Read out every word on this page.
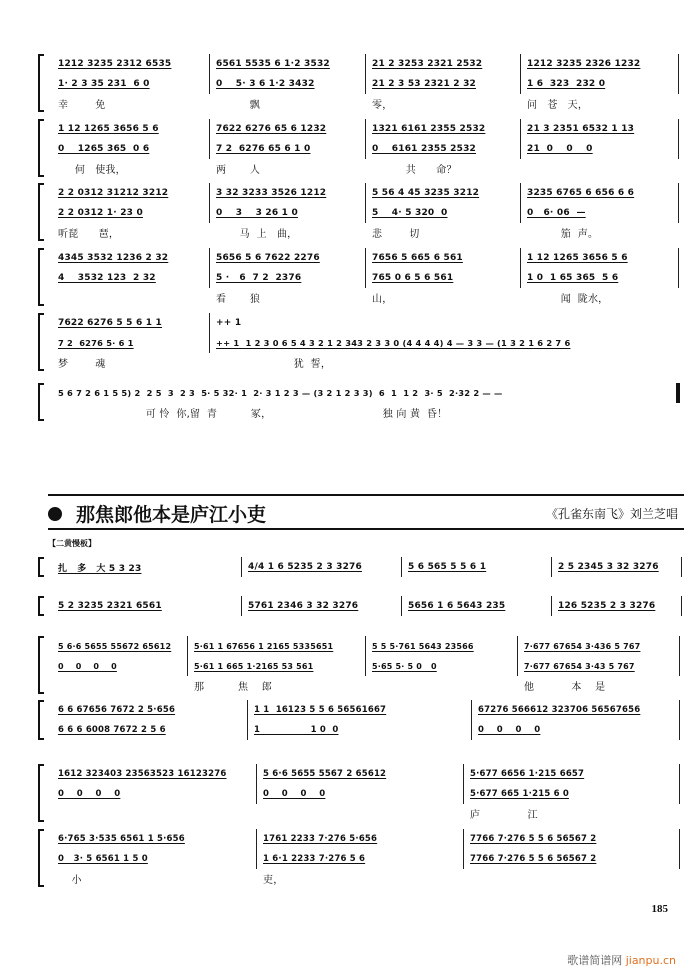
1212 3235 2312 6535	6561 5535 6 1·2 3532	21 2 3253 2321 2532	1212 3235 2326 1232
1· 2 3 35 231  6 0	0    5· 3 6 1·2 3432	21 2 3 53 2321 2 32	1 6  323  232 0
幸        免	飘	零，	问   苍   天，
1 12 1265 3656 5 6	7622 6276 65 6 1232	1321 6161 2355 2532	21 3 2351 6532 1 13
0    1265 365  0 6	7 2  6276 65 6 1 0	0    6161 2355 2532	21  0    0    0
何   使我，	两       人	共      命？
2 2 0312 31212 3212	3 32 3233 3526 1212	5 56 4 45 3235 3212	3235 6765 6 656 6 6
2 2 0312 1· 23 0	0    3    3 26 1 0	5    4· 5 320  0	0   6· 06  —
听琵      琶，	马  上   曲，	悲        切	笳  声。
4345 3532 1236 2 32	5656 5 6 7622 2276	7656 5 665 6 561	1 12 1265 3656 5 6
4    3532 123  2 32	5 ·   6  7 2  2376	765 0 6 5 6 561	1 0  1 65 365  5 6
看       狼	山，	闻  陇水，
7622 6276 5 5 6 1 1	++ 1
7 2  6276 5· 6 1	++ 1  1 2 3 0 6 5 4 3 2 1 2 343 2 3 3 0 (4 4 4 4) 4 — 3 3 — (1 3 2 1 6 2 7 6
梦        魂	犹  誓，
5 6 7 2 6 1 5 5) 2  2 5  3  2 3  5· 5 32· 1  2· 3 1 2 3 — (3 2 1 2 3 3)  6  1  1 2  3· 5  2·32 2 — —
可 怜  你,留  青          冢，                                 独 向 黄  昏！
那焦郎他本是庐江小吏	《孔雀东南飞》刘兰芝唱
【二黄慢板】
扎   多   大 5 3 23	4/4 1 6 5235 2 3 3276	5 6 565 5 5 6 1	2 5 2345 3 32 3276
5 2 3235 2321 6561	5761 2346 3 32 3276	5656 1 6 5643 235	126 5235 2 3 3276
5 6·6 5655 55672 65612	5·61 1 67656 1 2165 5335651	5 5 5·761 5643 23566	7·677 67654 3·436 5 767
0    0    0    0	5·61 1 665 1·2165 53 561	5·65 5· 5 0   0	7·677 67654 3·43 5 767
那          焦    郎	他           本    是
6 6 67656 7672 2 5·656	1 1  16123 5 5 6 56561667	67276 566612 323706 56567656
6 6 6 6008 7672 2 5 6	1                1 0  0	0    0    0    0
1612 323403 23563523 16123276	5 6·6 5655 5567 2 65612	5·677 6656 1·215 6657
0    0    0    0	0    0    0    0	5·677 665 1·215 6 0
庐              江
6·765 3·535 6561 1 5·656	1761 2233 7·276 5·656	7766 7·276 5 5 6 56567 2
0   3· 5 6561 1 5 0	1 6·1 2233 7·276 5 6	7766 7·276 5 5 6 56567 2
小	吏，
185
歌谱简谱网 jianpu.cn
